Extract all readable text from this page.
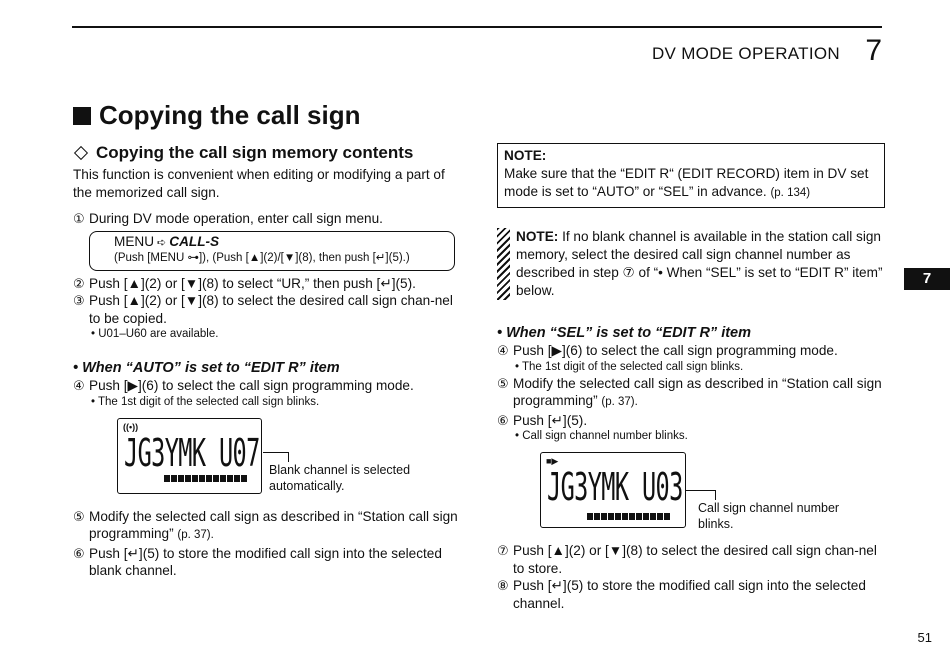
DV MODE OPERATION 7
7
Copying the call sign
Copying the call sign memory contents
This function is convenient when editing or modifying a part of the memorized call sign.
① During DV mode operation, enter call sign menu.
MENU ➪ CALL-S
(Push [MENU ⊶]), (Push [▲](2)/[▼](8), then push [↵](5).)
② Push [▲](2) or [▼](8) to select “UR,” then push [↵](5).
③ Push [▲](2) or [▼](8) to select the desired call sign chan-nel to be copied.
• U01–U60 are available.
• When “AUTO” is set to “EDIT R” item
④ Push [▶](6) to select the call sign programming mode.
• The 1st digit of the selected call sign blinks.
((•))
JG3YMK U07 Blank channel is selected automatically.
⑤ Modify the selected call sign as described in “Station call sign programming” (p. 37).
⑥ Push [↵](5) to store the modified call sign into the selected blank channel.
NOTE:
Make sure that the “EDIT R“ (EDIT RECORD) item in DV set mode is set to “AUTO” or “SEL” in advance. (p. 134)
NOTE: If no blank channel is available in the station call sign memory, select the desired call sign channel number as described in step ⑦ of “• When “SEL” is set to “EDIT R” item” below.
• When “SEL” is set to “EDIT R” item
④ Push [▶](6) to select the call sign programming mode.
• The 1st digit of the selected call sign blinks.
⑤ Modify the selected call sign as described in “Station call sign programming” (p. 37).
⑥ Push [↵](5).
• Call sign channel number blinks.
■▶
JG3YMK U03 Call sign channel number blinks.
⑦ Push [▲](2) or [▼](8) to select the desired call sign chan-nel to store.
⑧ Push [↵](5) to store the modified call sign into the selected channel.
51
